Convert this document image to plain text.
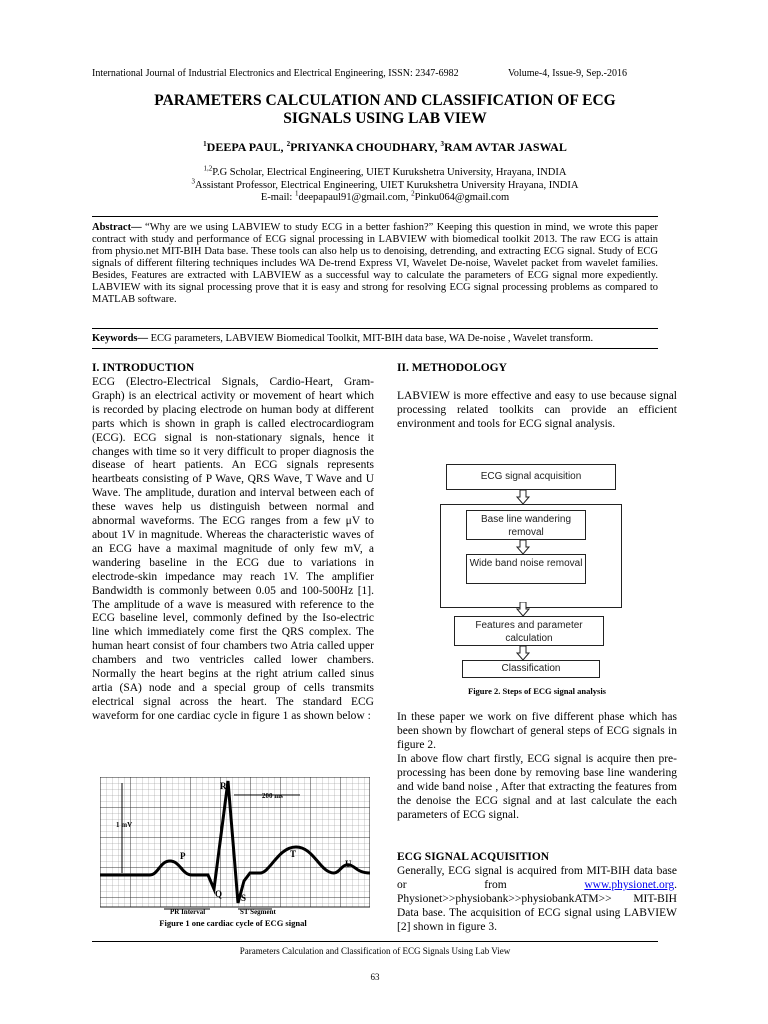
International Journal of Industrial Electronics and Electrical Engineering, ISSN: 2347-6982	Volume-4, Issue-9, Sep.-2016
PARAMETERS CALCULATION AND CLASSIFICATION OF ECG
SIGNALS USING LAB VIEW
$^1$DEEPA PAUL, $^2$PRIYANKA CHOUDHARY, $^3$RAM AVTAR JASWAL
$^{1,2}$P.G Scholar, Electrical Engineering, UIET Kurukshetra University, Hrayana, INDIA
$^3$Assistant Professor, Electrical Engineering, UIET Kurukshetra University Hrayana, INDIA
E-mail: $^1$deepapaul91@gmail.com, $^2$Pinku064@gmail.com
Abstract— “Why are we using LABVIEW to study ECG in a better fashion?” Keeping this question in mind, we wrote this paper contract with study and performance of ECG signal processing in LABVIEW with biomedical toolkit 2013. The raw ECG is attain from physio.net MIT-BIH Data base. These tools can also help us to denoising, detrending, and extracting ECG signal. Study of ECG signals of different filtering techniques includes WA De-trend Express VI, Wavelet De-noise, Wavelet packet from wavelet families. Besides, Features are extracted with LABVIEW as a successful way to calculate the parameters of ECG signal more expediently. LABVIEW with its signal processing prove that it is easy and strong for resolving ECG signal processing problems as compared to MATLAB software.
Keywords— ECG parameters, LABVIEW Biomedical Toolkit, MIT-BIH data base, WA De-noise , Wavelet transform.
I. INTRODUCTION
ECG (Electro-Electrical Signals, Cardio-Heart, Gram- Graph) is an electrical activity or movement of heart which is recorded by placing electrode on human body at different parts which is shown in graph is called electrocardiogram (ECG). ECG signal is non-stationary signals, hence it changes with time so it very difficult to proper diagnosis the disease of heart patients. An ECG signals represents heartbeats consisting of P Wave, QRS Wave, T Wave and U Wave. The amplitude, duration and interval between each of these waves help us distinguish between normal and abnormal waveforms. The ECG ranges from a few μV to about 1V in magnitude. Whereas the characteristic waves of an ECG have a maximal magnitude of only few mV, a wandering baseline in the ECG due to variations in electrode-skin impedance may reach 1V. The amplifier Bandwidth is commonly between 0.05 and 100-500Hz [1]. The amplitude of a wave is measured with reference to the ECG baseline level, commonly defined by the Iso-electric line which immediately come first the QRS complex. The human heart consist of four chambers two Atria called upper chambers and two ventricles called lower chambers. Normally the heart begins at the right atrium called sinus artia (SA) node and a special group of cells transmits electrical signal across the heart. The standard ECG waveform for one cardiac cycle in figure 1 as shown below :
R
P	T
U
Q S
1 mV
200 ms
PR Interval	ST Segment
Figure 1 one cardiac cycle of ECG signal
II. METHODOLOGY
LABVIEW is more effective and easy to use because signal processing related toolkits can provide an efficient environment and tools for ECG signal analysis.
ECG signal acquisition
Base line wandering removal
Wide band noise removal
Features and parameter calculation
Classification
Figure 2. Steps of ECG signal analysis
In these paper we work on five different phase which has been shown by flowchart of general steps of ECG signals in figure 2.
In above flow chart firstly, ECG signal is acquire then pre-processing has been done by removing base line wandering and wide band noise , After that extracting the features from the denoise the ECG signal and at last calculate the each parameters of ECG signal.
ECG SIGNAL ACQUISITION
Generally, ECG signal is acquired from MIT-BIH data base or from www.physionet.org. Physionet>>physiobank>>physiobankATM>> MIT-BIH Data base. The acquisition of ECG signal using LABVIEW [2] shown in figure 3.
Parameters Calculation and Classification of ECG Signals Using Lab View
63
